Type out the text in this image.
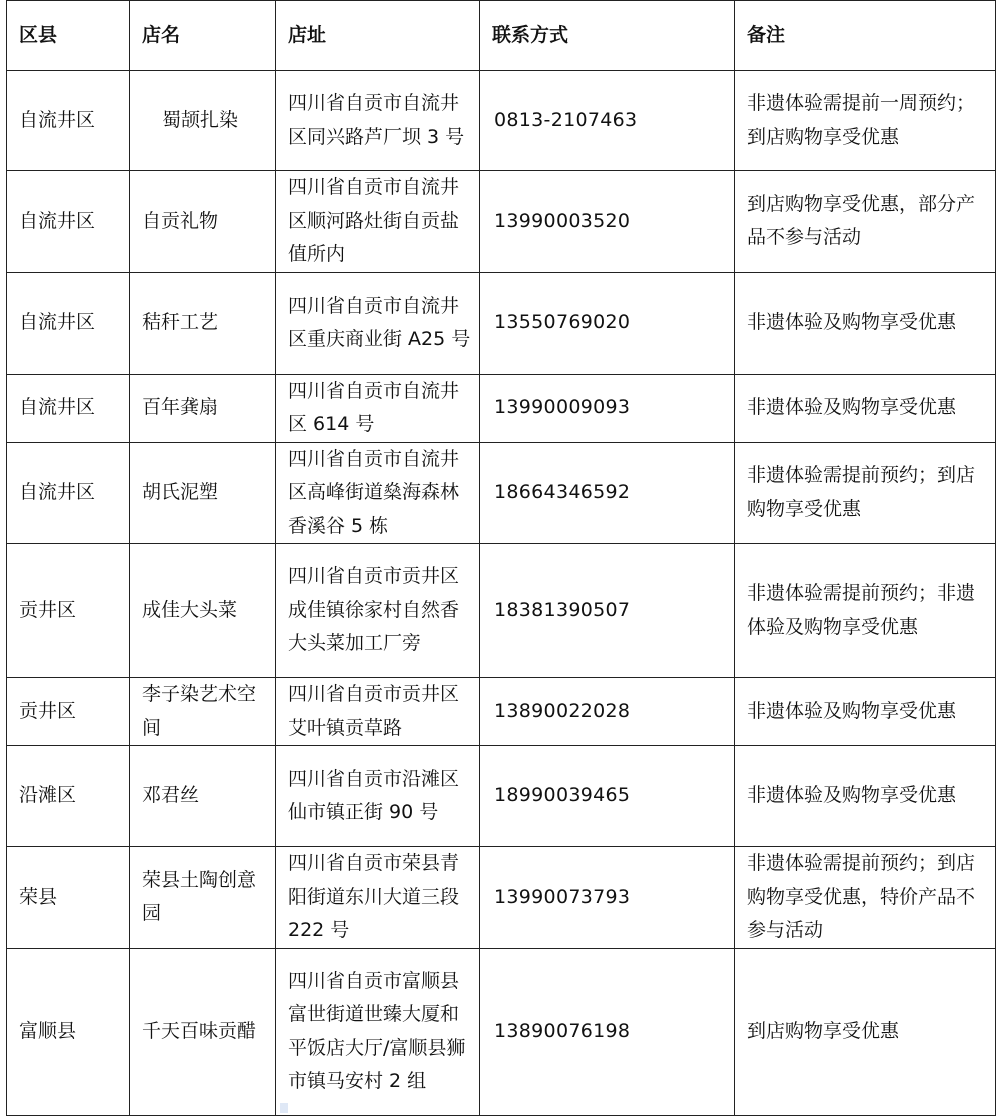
区县	店名	店址	联系方式	备注
自流井区	蜀颉扎染	四川省自贡市自流井区同兴路芦厂坝 3 号	0813-2107463	非遗体验需提前一周预约；到店购物享受优惠
自流井区	自贡礼物	四川省自贡市自流井区顺河路灶街自贡盐值所内	13990003520	到店购物享受优惠，部分产品不参与活动
自流井区	秸秆工艺	四川省自贡市自流井区重庆商业街 A25 号	13550769020	非遗体验及购物享受优惠
自流井区	百年龚扇	四川省自贡市自流井区 614 号	13990009093	非遗体验及购物享受优惠
自流井区	胡氏泥塑	四川省自贡市自流井区高峰街道燊海森林香溪谷 5 栋	18664346592	非遗体验需提前预约；到店购物享受优惠
贡井区	成佳大头菜	四川省自贡市贡井区成佳镇徐家村自然香大头菜加工厂旁	18381390507	非遗体验需提前预约；非遗体验及购物享受优惠
贡井区	李子染艺术空间	四川省自贡市贡井区艾叶镇贡草路	13890022028	非遗体验及购物享受优惠
沿滩区	邓君丝	四川省自贡市沿滩区仙市镇正街 90 号	18990039465	非遗体验及购物享受优惠
荣县	荣县土陶创意园	四川省自贡市荣县青阳街道东川大道三段 222 号	13990073793	非遗体验需提前预约；到店购物享受优惠，特价产品不参与活动
富顺县	千天百味贡醋	四川省自贡市富顺县富世街道世臻大厦和平饭店大厅/富顺县狮市镇马安村 2 组	13890076198	到店购物享受优惠
